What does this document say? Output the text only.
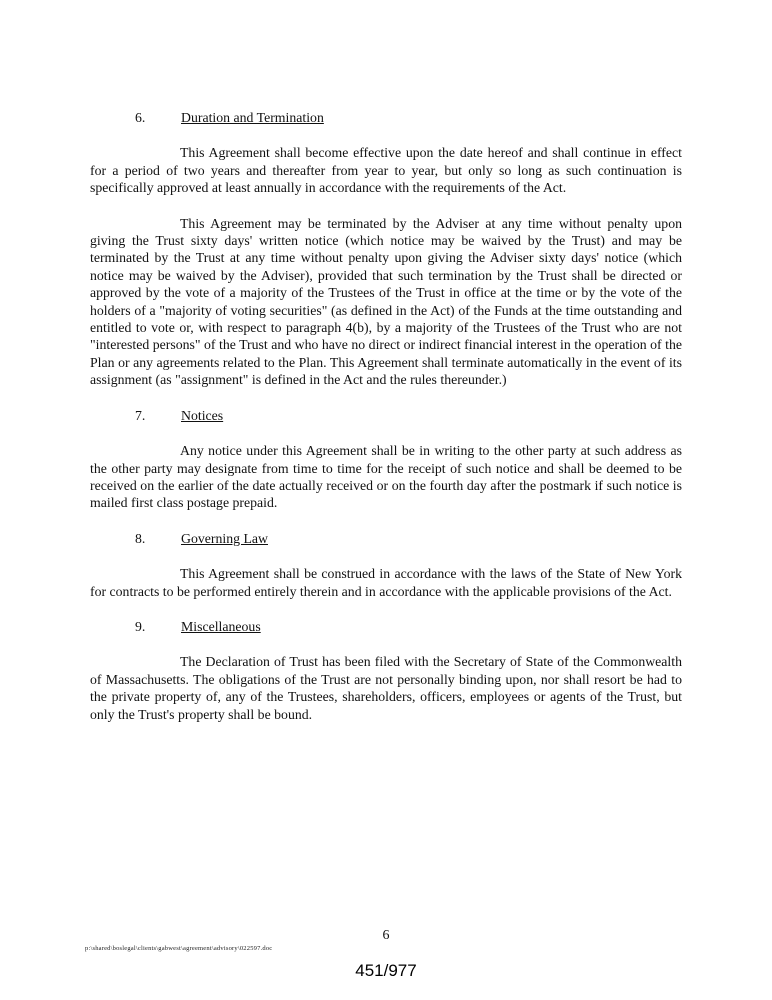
6.	Duration and Termination

This Agreement shall become effective upon the date hereof and shall continue in effect for a period of two years and thereafter from year to year, but only so long as such continuation is specifically approved at least annually in accordance with the requirements of the Act.

This Agreement may be terminated by the Adviser at any time without penalty upon giving the Trust sixty days' written notice (which notice may be waived by the Trust) and may be terminated by the Trust at any time without penalty upon giving the Adviser sixty days' notice (which notice may be waived by the Adviser), provided that such termination by the Trust shall be directed or approved by the vote of a majority of the Trustees of the Trust in office at the time or by the vote of the holders of a "majority of voting securities" (as defined in the Act) of the Funds at the time outstanding and entitled to vote or, with respect to paragraph 4(b), by a majority of the Trustees of the Trust who are not "interested persons" of the Trust and who have no direct or indirect financial interest in the operation of the Plan or any agreements related to the Plan. This Agreement shall terminate automatically in the event of its assignment (as "assignment" is defined in the Act and the rules thereunder.)

7.	Notices

Any notice under this Agreement shall be in writing to the other party at such address as the other party may designate from time to time for the receipt of such notice and shall be deemed to be received on the earlier of the date actually received or on the fourth day after the postmark if such notice is mailed first class postage prepaid.

8.	Governing Law

This Agreement shall be construed in accordance with the laws of the State of New York for contracts to be performed entirely therein and in accordance with the applicable provisions of the Act.

9.	Miscellaneous

The Declaration of Trust has been filed with the Secretary of State of the Commonwealth of Massachusetts. The obligations of the Trust are not personally binding upon, nor shall resort be had to the private property of, any of the Trustees, shareholders, officers, employees or agents of the Trust, but only the Trust's property shall be bound.

6
p:\shared\boslegal\clients\gabwest\agreement\advisory\022597.doc
451/977
